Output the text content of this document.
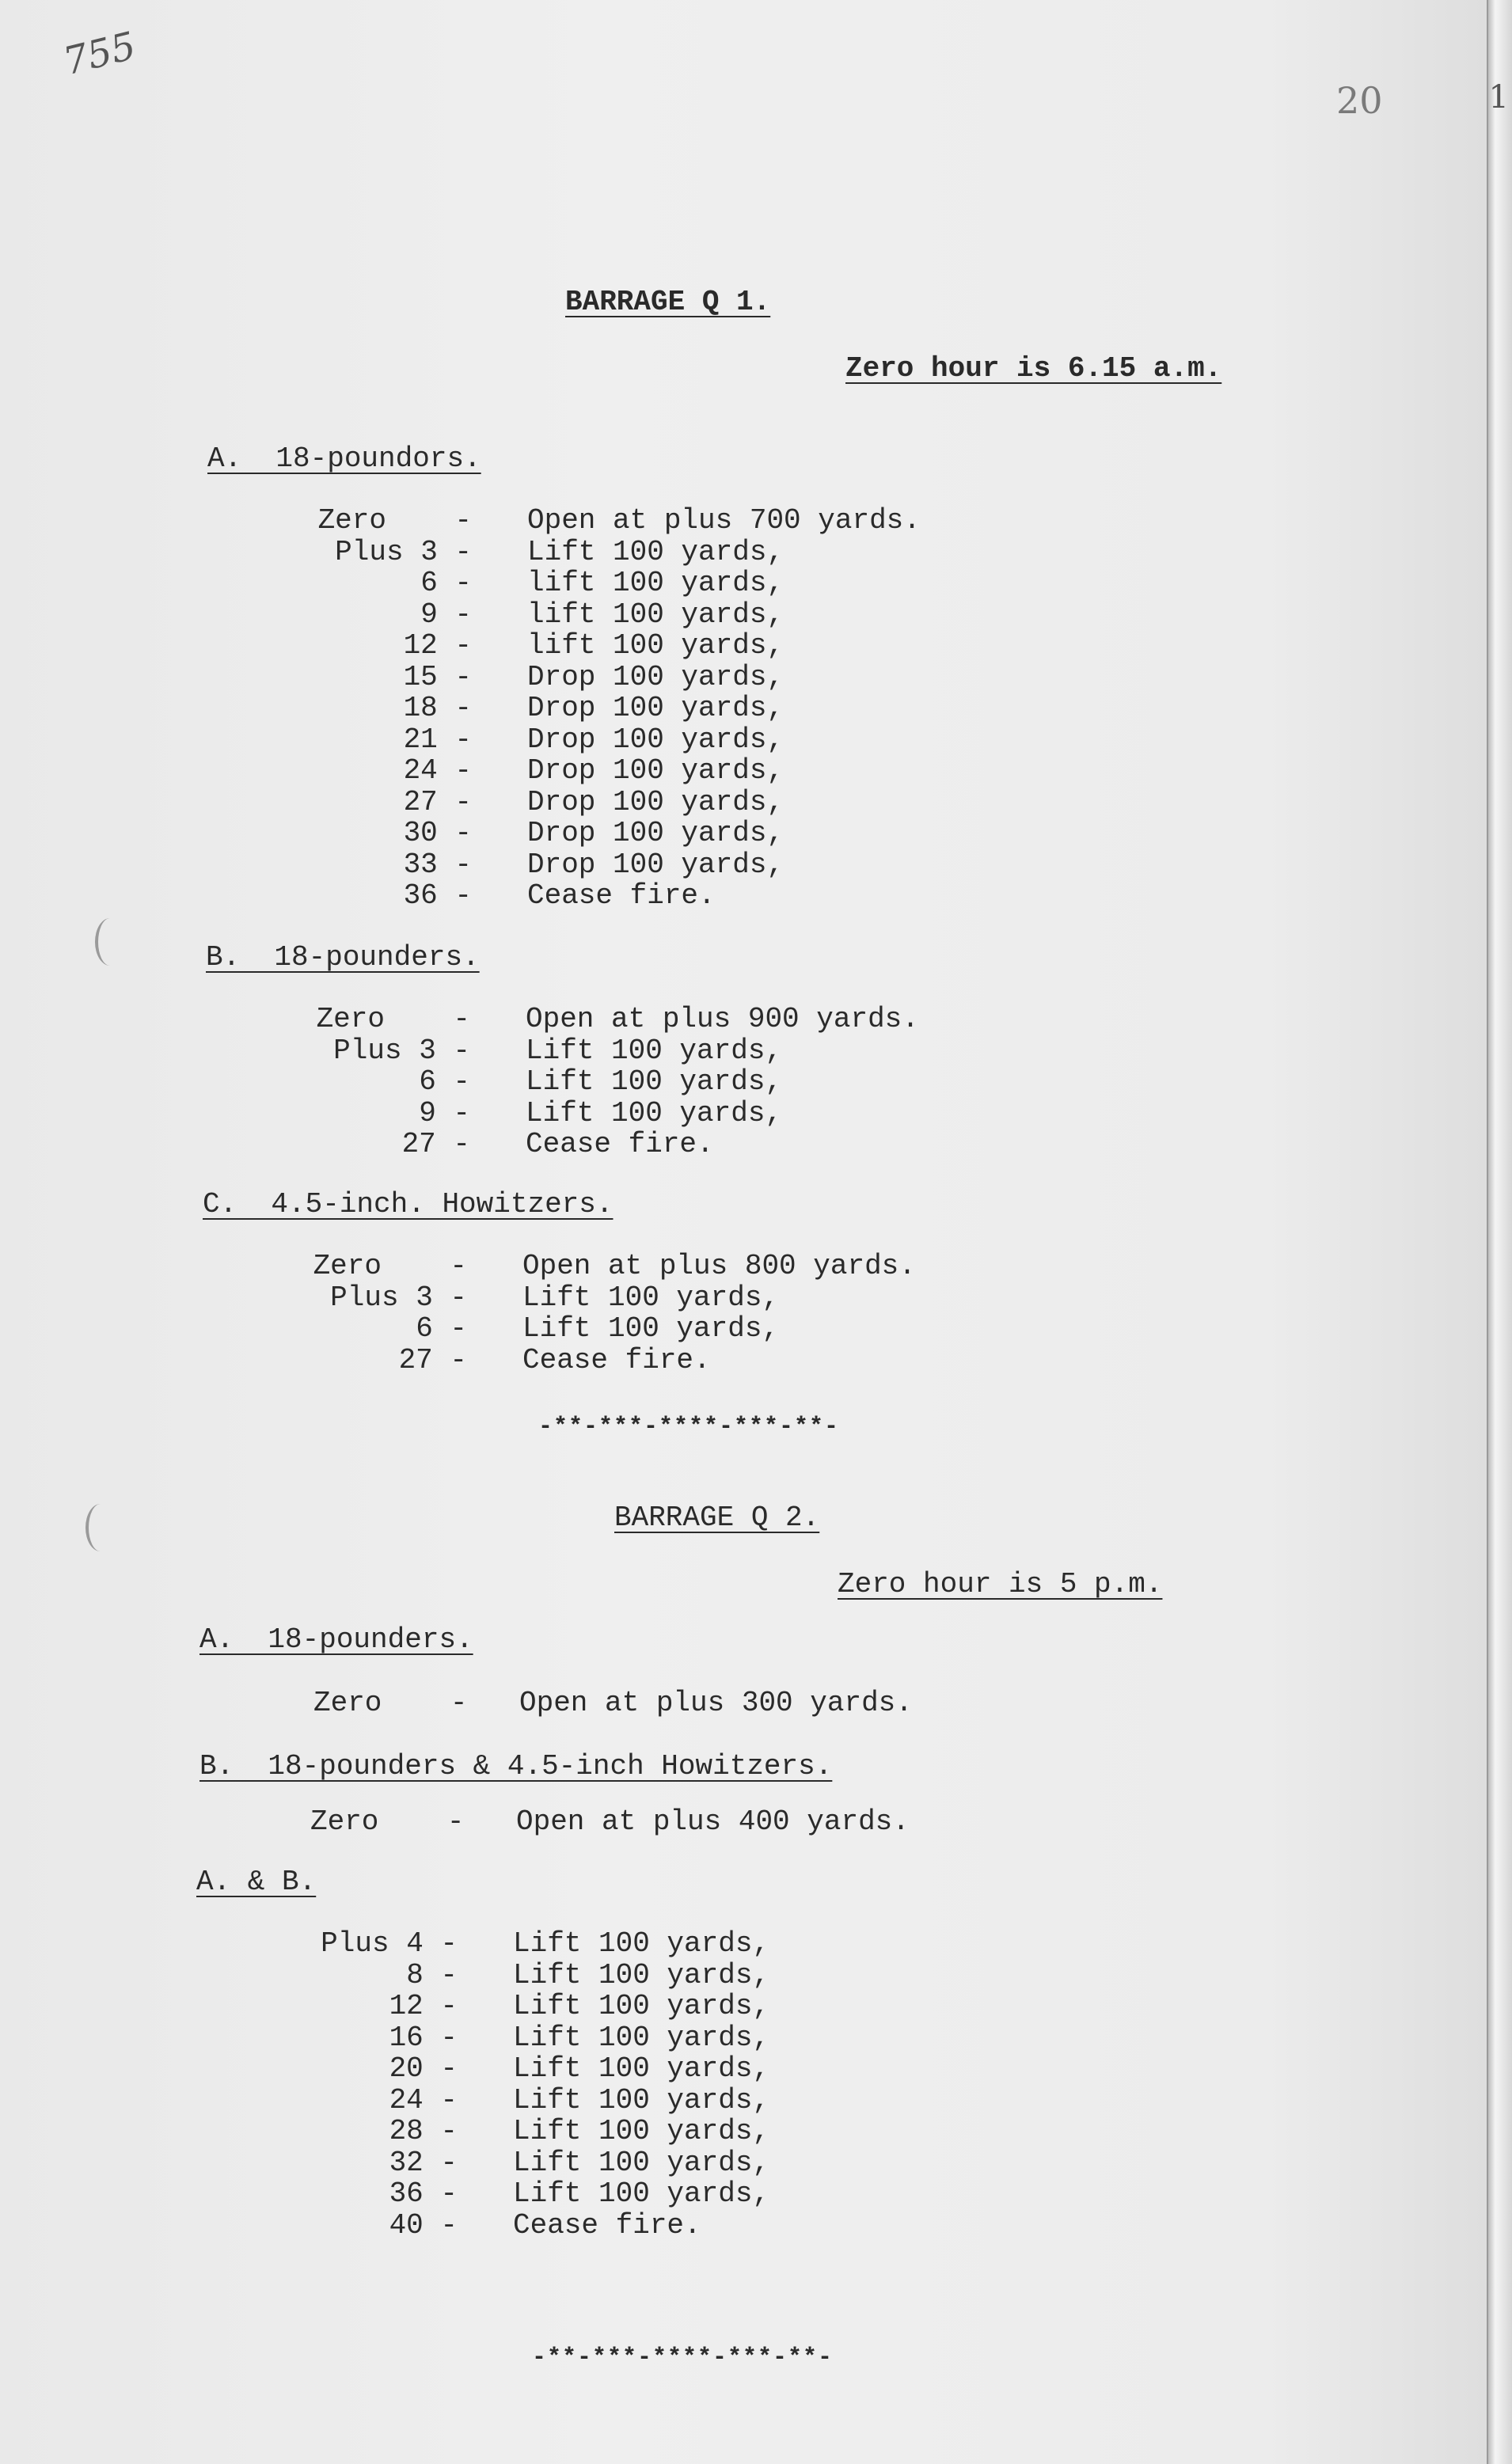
755
20
BARRAGE Q 1.
Zero hour is 6.15 a.m.
A.  18-poundors.
Zero    - Open at plus 700 yards.
Plus 3 - Lift 100 yards,
6 - lift 100 yards,
9 - lift 100 yards,
12 - lift 100 yards,
15 - Drop 100 yards,
18 - Drop 100 yards,
21 - Drop 100 yards,
24 - Drop 100 yards,
27 - Drop 100 yards,
30 - Drop 100 yards,
33 - Drop 100 yards,
36 - Cease fire.
B.  18-pounders.
Zero    - Open at plus 900 yards.
Plus 3 - Lift 100 yards,
6 - Lift 100 yards,
9 - Lift 100 yards,
27 - Cease fire.
C.  4.5-inch. Howitzers.
Zero    - Open at plus 800 yards.
Plus 3 - Lift 100 yards,
6 - Lift 100 yards,
27 - Cease fire.
-**-***-****-***-**-
BARRAGE Q 2.
Zero hour is 5 p.m.
A.  18-pounders.
Zero    - Open at plus 300 yards.
B.  18-pounders & 4.5-inch Howitzers.
Zero    - Open at plus 400 yards.
A. & B.
Plus 4 - Lift 100 yards,
8 - Lift 100 yards,
12 - Lift 100 yards,
16 - Lift 100 yards,
20 - Lift 100 yards,
24 - Lift 100 yards,
28 - Lift 100 yards,
32 - Lift 100 yards,
36 - Lift 100 yards,
40 - Cease fire.
-**-***-****-***-**-
1
